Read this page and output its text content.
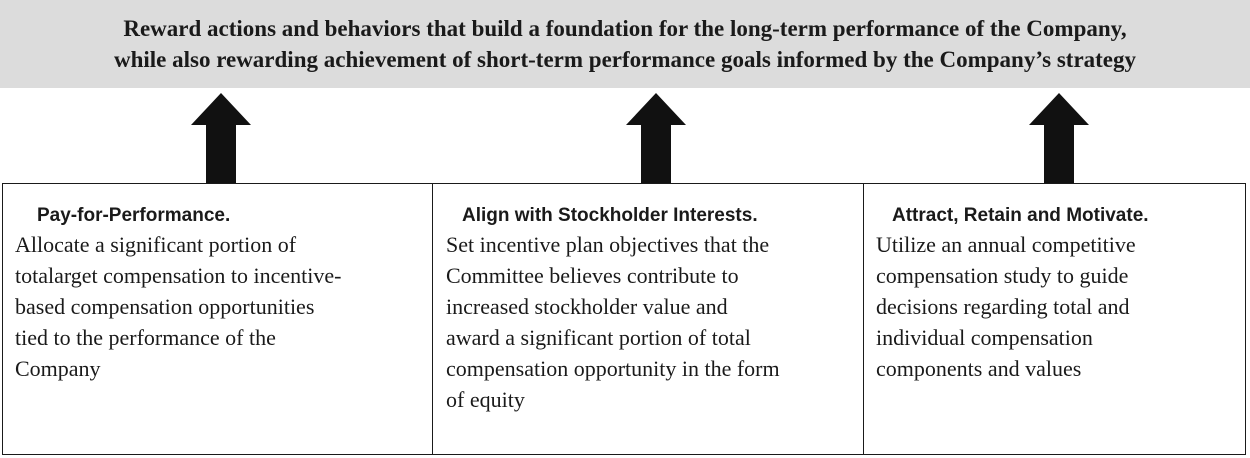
Reward actions and behaviors that build a foundation for the long-term performance of the Company,
while also rewarding achievement of short-term performance goals informed by the Company’s strategy
Pay-for-Performance.
Allocate a significant portion of
totalarget compensation to incentive-
based compensation opportunities
tied to the performance of the
Company
Align with Stockholder Interests.
Set incentive plan objectives that the
Committee believes contribute to
increased stockholder value and
award a significant portion of total
compensation opportunity in the form
of equity
Attract, Retain and Motivate.
Utilize an annual competitive
compensation study to guide
decisions regarding total and
individual compensation
components and values
